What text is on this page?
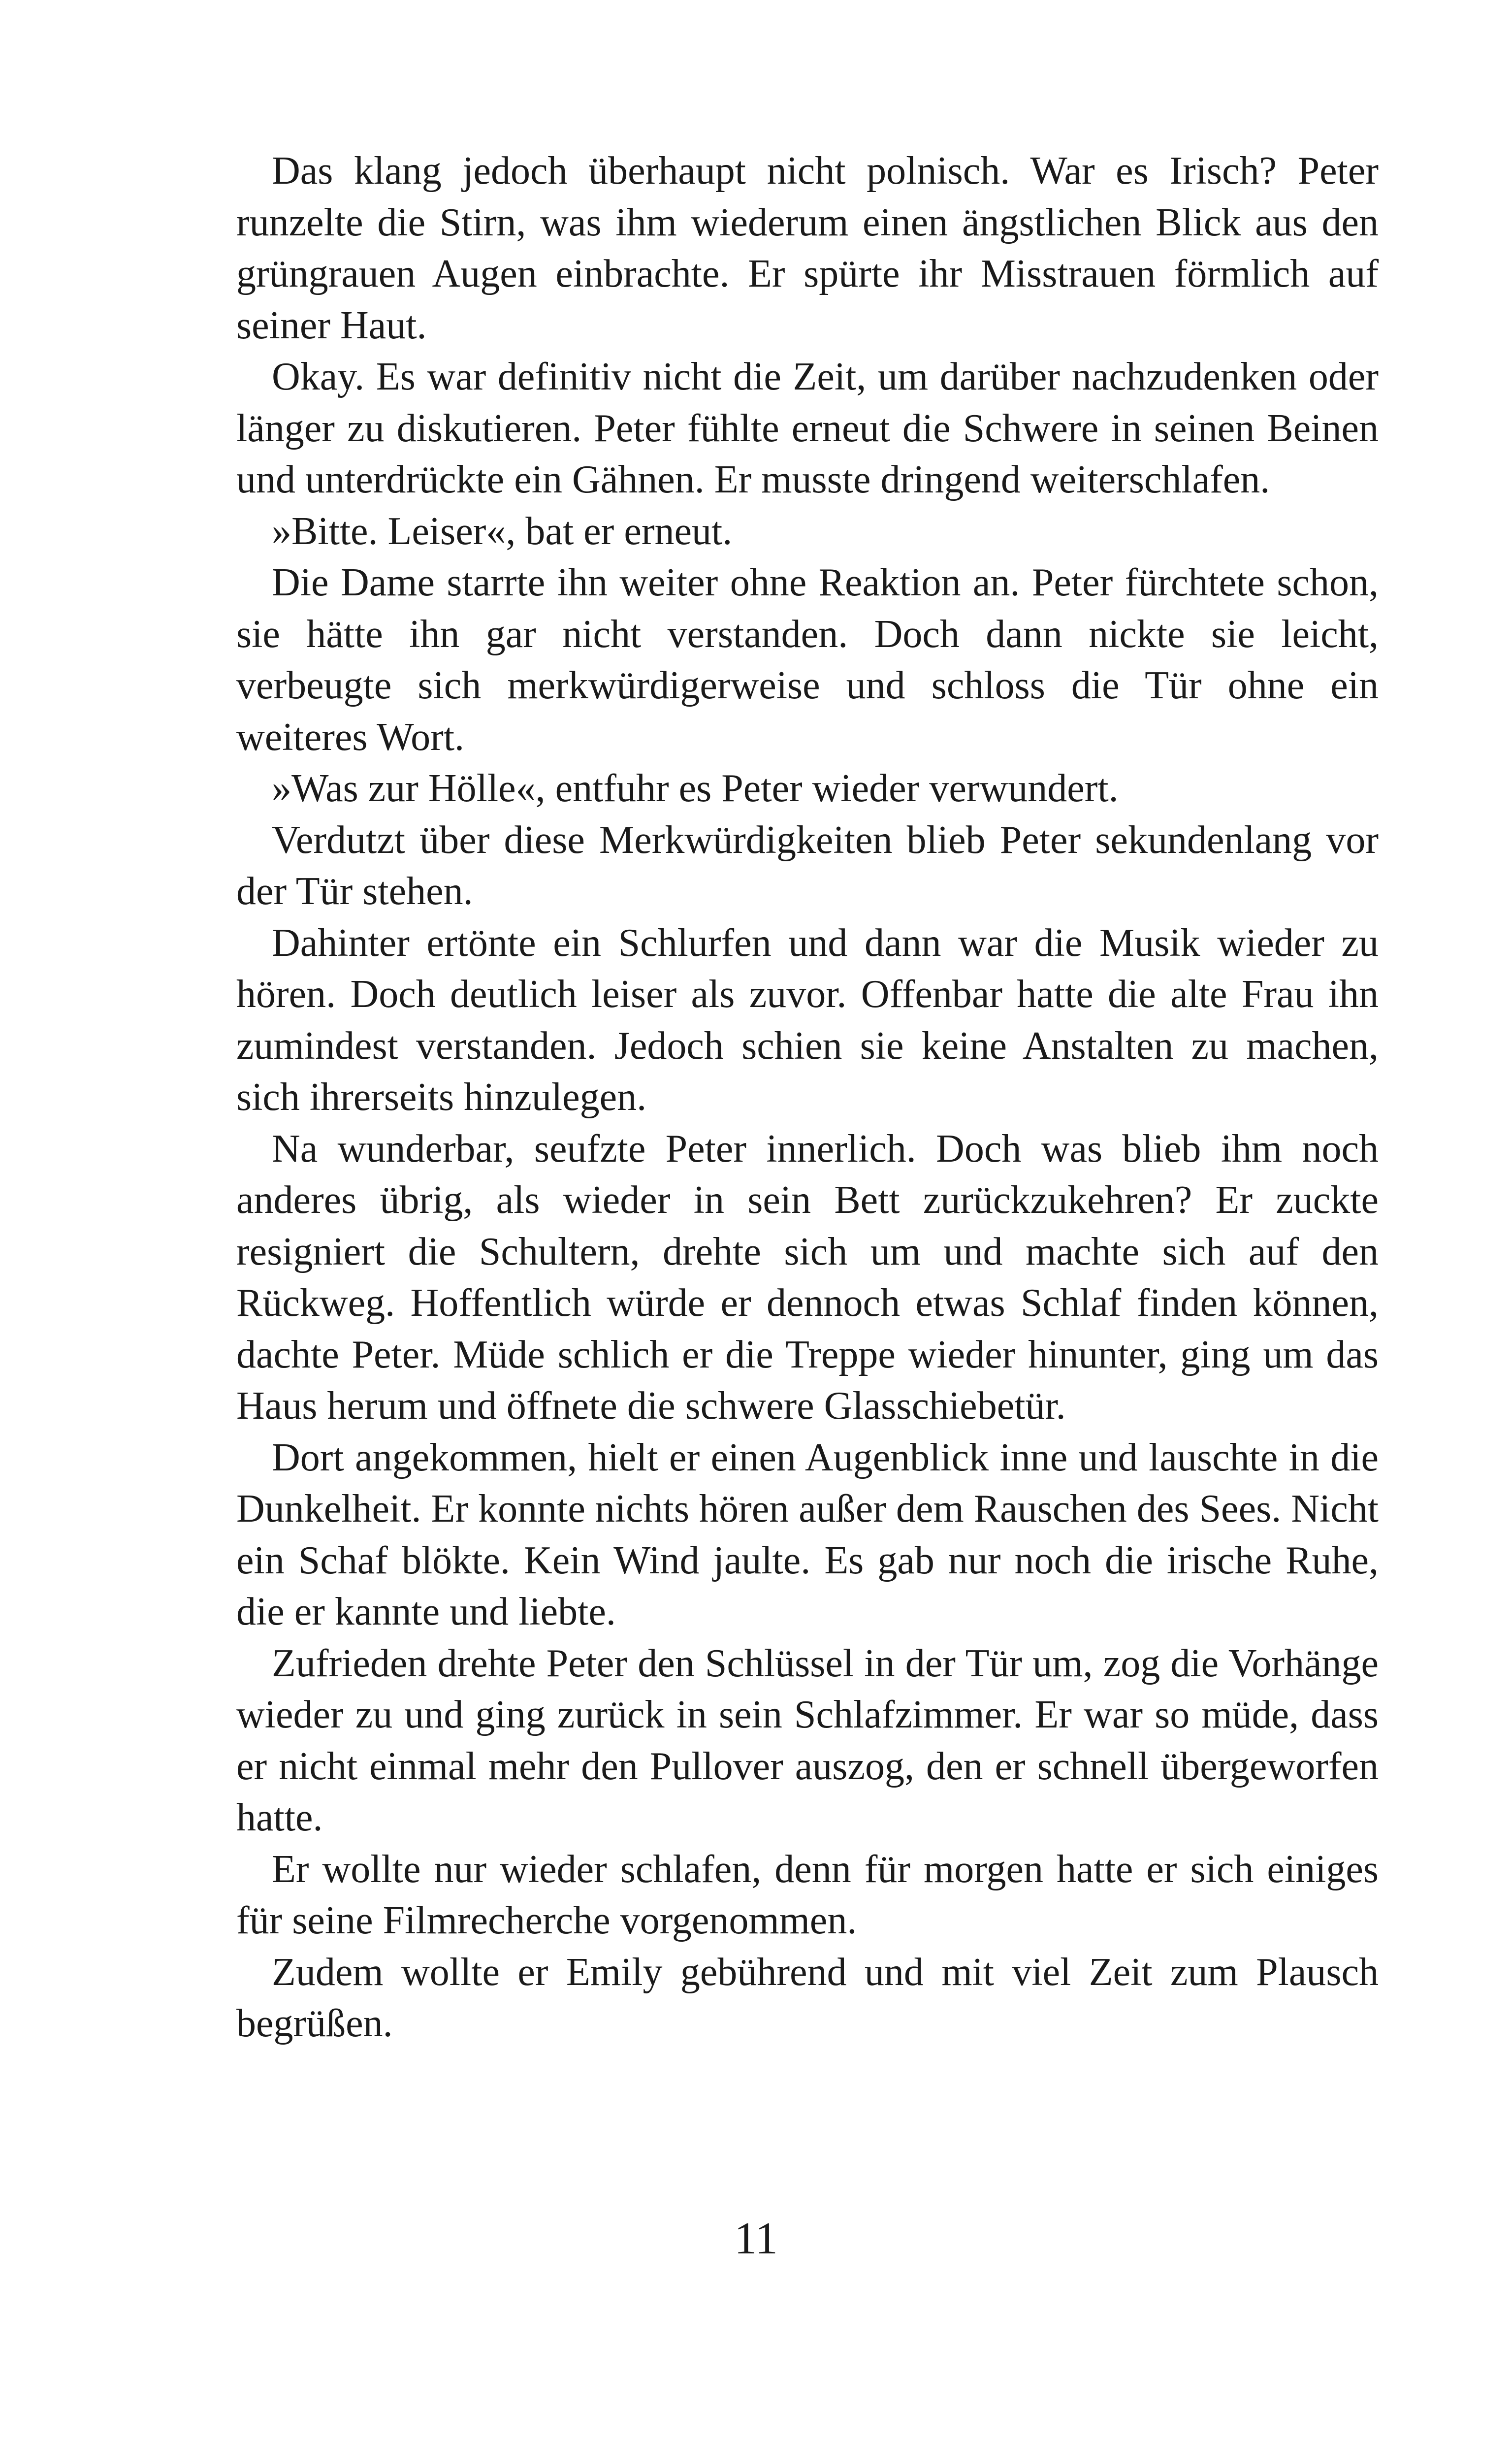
Das klang jedoch überhaupt nicht polnisch. War es Irisch? Peter runzelte die Stirn, was ihm wiederum einen ängstlichen Blick aus den grüngrauen Augen einbrachte. Er spürte ihr Misstrauen förmlich auf seiner Haut.

Okay. Es war definitiv nicht die Zeit, um darüber nachzudenken oder länger zu diskutieren. Peter fühlte erneut die Schwere in seinen Beinen und unterdrückte ein Gähnen. Er musste dringend weiterschlafen.

»Bitte. Leiser«, bat er erneut.

Die Dame starrte ihn weiter ohne Reaktion an. Peter fürchtete schon, sie hätte ihn gar nicht verstanden. Doch dann nickte sie leicht, verbeugte sich merkwürdigerweise und schloss die Tür ohne ein weiteres Wort.

»Was zur Hölle«, entfuhr es Peter wieder verwundert.

Verdutzt über diese Merkwürdigkeiten blieb Peter sekundenlang vor der Tür stehen.

Dahinter ertönte ein Schlurfen und dann war die Musik wieder zu hören. Doch deutlich leiser als zuvor. Offenbar hatte die alte Frau ihn zumindest verstanden. Jedoch schien sie keine Anstalten zu machen, sich ihrerseits hinzulegen.

Na wunderbar, seufzte Peter innerlich. Doch was blieb ihm noch anderes übrig, als wieder in sein Bett zurückzukehren? Er zuckte resigniert die Schultern, drehte sich um und machte sich auf den Rückweg. Hoffentlich würde er dennoch etwas Schlaf finden können, dachte Peter. Müde schlich er die Treppe wieder hinunter, ging um das Haus herum und öffnete die schwere Glasschiebetür.

Dort angekommen, hielt er einen Augenblick inne und lauschte in die Dunkelheit. Er konnte nichts hören außer dem Rauschen des Sees. Nicht ein Schaf blökte. Kein Wind jaulte. Es gab nur noch die irische Ruhe, die er kannte und liebte.

Zufrieden drehte Peter den Schlüssel in der Tür um, zog die Vorhänge wieder zu und ging zurück in sein Schlafzimmer. Er war so müde, dass er nicht einmal mehr den Pullover auszog, den er schnell übergeworfen hatte.

Er wollte nur wieder schlafen, denn für morgen hatte er sich einiges für seine Filmrecherche vorgenommen.

Zudem wollte er Emily gebührend und mit viel Zeit zum Plausch begrüßen.

11
